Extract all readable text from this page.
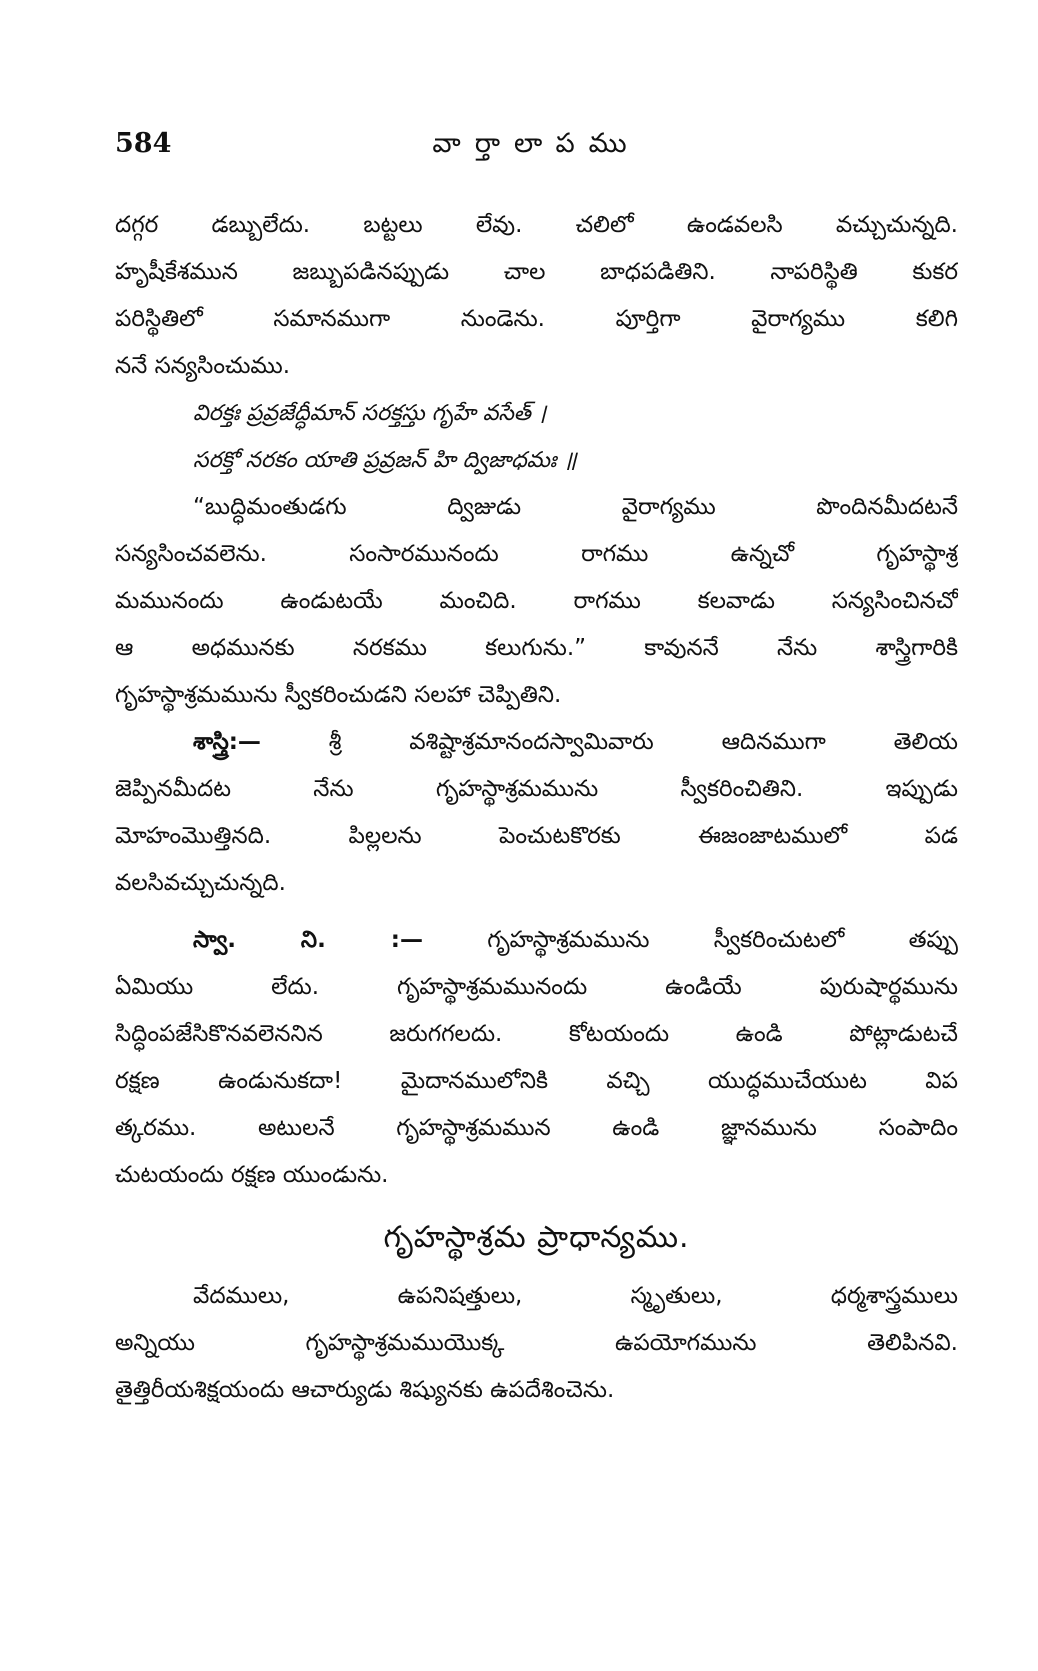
584	వార్తాలాపము
దగ్గర డబ్బులేదు. బట్టలు లేవు. చలిలో ఉండవలసి వచ్చుచున్నది.
హృషీకేశమున జబ్బుపడినప్పుడు చాల బాధపడితిని. నాపరిస్థితి కుకర
పరిస్థితిలో సమానముగా నుండెను. పూర్తిగా వైరాగ్యము కలిగి
ననే సన్యసించుము.
విరక్తః ప్రవ్రజేద్ధీమాన్ సరక్తస్తు గృహే వసేత్ ।
సరక్తో నరకం యాతి ప్రవ్రజన్ హి ద్విజాధమః ॥
“బుద్ధిమంతుడగు ద్విజుడు వైరాగ్యము పొందినమీదటనే
సన్యసించవలెను. సంసారమునందు రాగము ఉన్నచో గృహస్థాశ్ర
మమునందు ఉండుటయే మంచిది. రాగము కలవాడు సన్యసించినచో
ఆ అధమునకు నరకము కలుగును.” కావుననే నేను శాస్త్రిగారికి
గృహస్థాశ్రమమును స్వీకరించుడని సలహా చెప్పితిని.
శాస్త్రి:—	శ్రీ వశిష్టాశ్రమానందస్వామివారు ఆదినముగా తెలియ
జెప్పినమీదట నేను గృహస్థాశ్రమమును స్వీకరించితిని. ఇప్పుడు
మోహంమొత్తినది. పిల్లలను పెంచుటకొరకు ఈజంజాటములో పడ
వలసివచ్చుచున్నది.
స్వా. ని. :—	గృహస్థాశ్రమమును స్వీకరించుటలో తప్పు
ఏమియు లేదు. గృహస్థాశ్రమమునందు ఉండియే పురుషార్థమును
సిద్ధింపజేసికొనవలెననిన జరుగగలదు. కోటయందు ఉండి పోట్లాడుటచే
రక్షణ ఉండునుకదా! మైదానములోనికి వచ్చి యుద్ధముచేయుట విప
త్కరము. అటులనే గృహస్థాశ్రమమున ఉండి జ్ఞానమును సంపాదిం
చుటయందు రక్షణ యుండును.
గృహస్థాశ్రమ ప్రాధాన్యము.
వేదములు, ఉపనిషత్తులు, స్మృతులు, ధర్మశాస్త్రములు
అన్నియు గృహస్థాశ్రమముయొక్క ఉపయోగమును తెలిపినవి.
తైత్తిరీయశిక్షయందు ఆచార్యుడు శిష్యునకు ఉపదేశించెను.
